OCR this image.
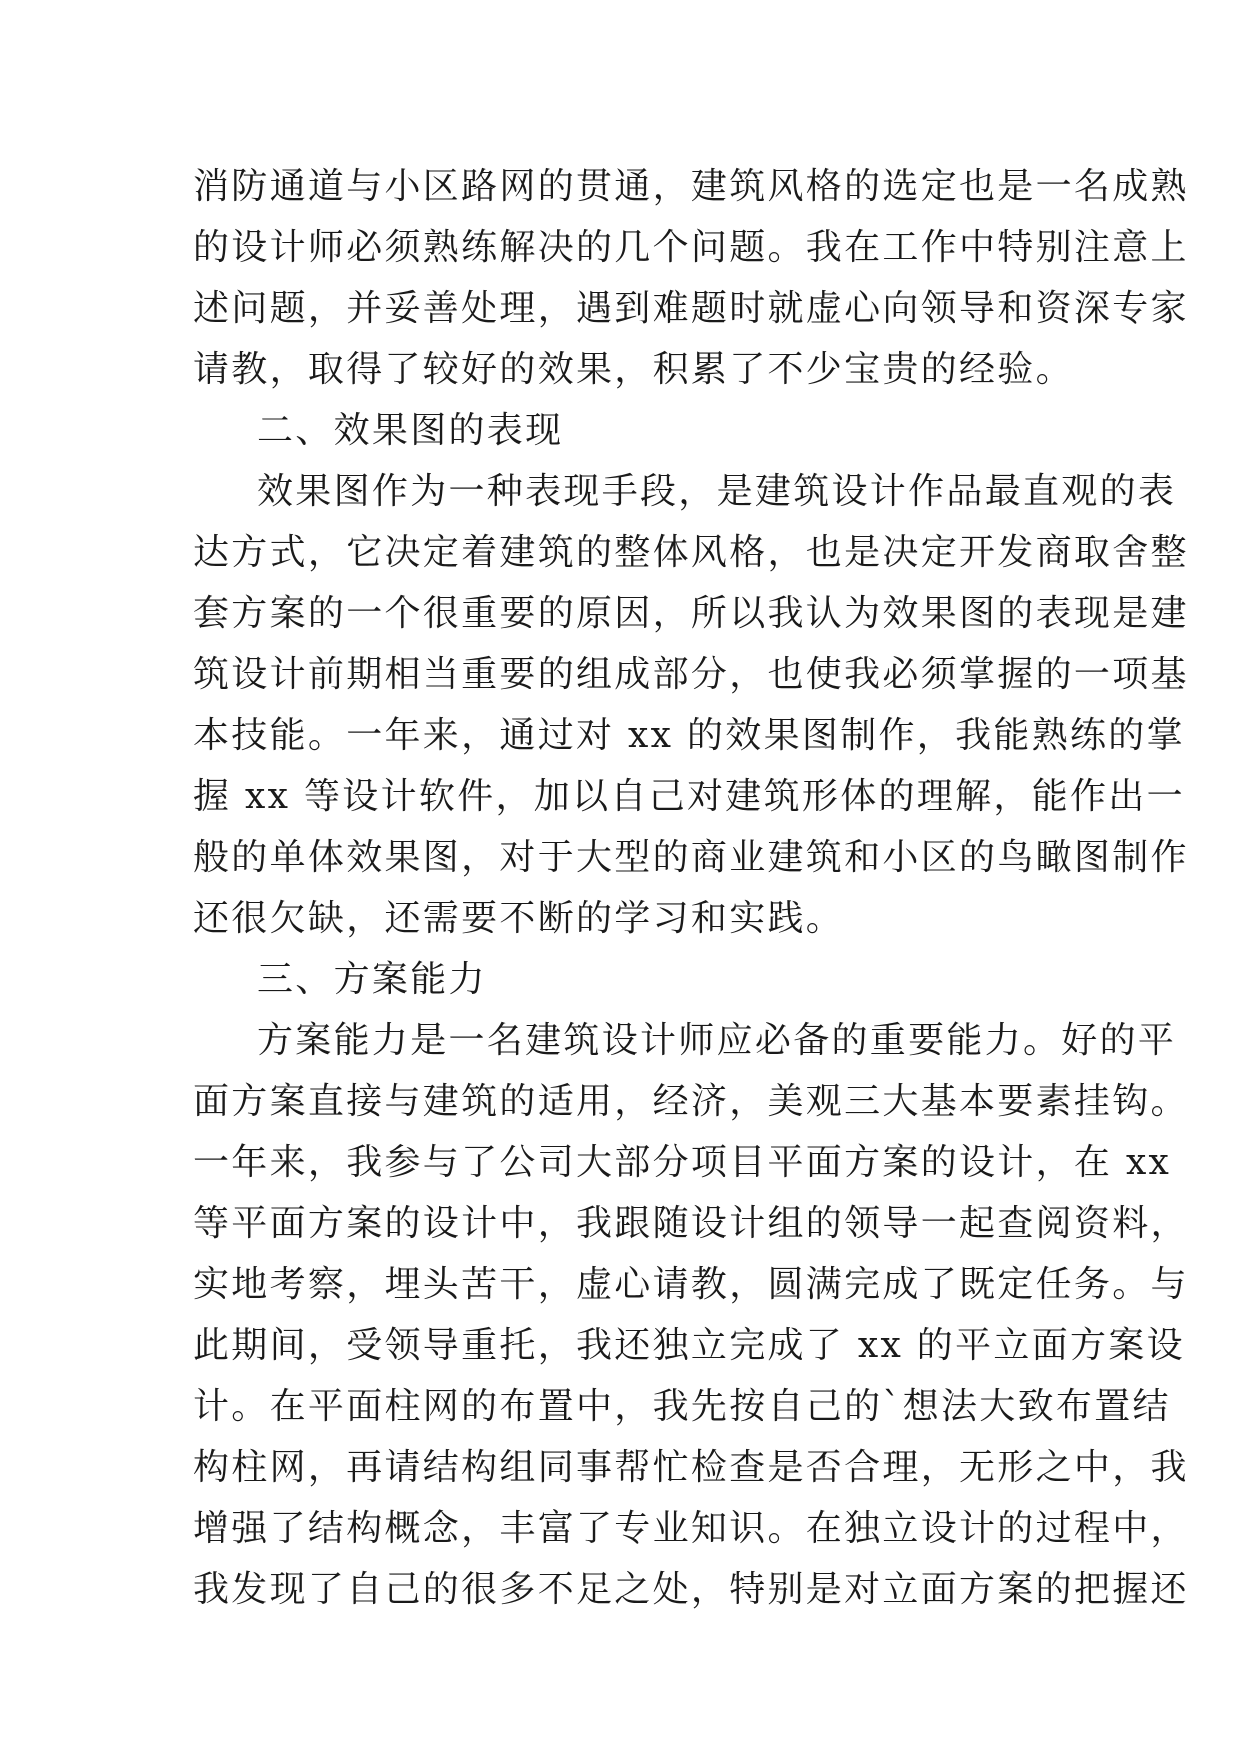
消防通道与小区路网的贯通，建筑风格的选定也是一名成熟
的设计师必须熟练解决的几个问题。我在工作中特别注意上
述问题，并妥善处理，遇到难题时就虚心向领导和资深专家
请教，取得了较好的效果，积累了不少宝贵的经验。
二、效果图的表现
效果图作为一种表现手段，是建筑设计作品最直观的表
达方式，它决定着建筑的整体风格，也是决定开发商取舍整
套方案的一个很重要的原因，所以我认为效果图的表现是建
筑设计前期相当重要的组成部分，也使我必须掌握的一项基
本技能。一年来，通过对 xx 的效果图制作，我能熟练的掌
握 xx 等设计软件，加以自己对建筑形体的理解，能作出一
般的单体效果图，对于大型的商业建筑和小区的鸟瞰图制作
还很欠缺，还需要不断的学习和实践。
三、方案能力
方案能力是一名建筑设计师应必备的重要能力。好的平
面方案直接与建筑的适用，经济，美观三大基本要素挂钩。
一年来，我参与了公司大部分项目平面方案的设计，在 xx
等平面方案的设计中，我跟随设计组的领导一起查阅资料，
实地考察，埋头苦干，虚心请教，圆满完成了既定任务。与
此期间，受领导重托，我还独立完成了 xx 的平立面方案设
计。在平面柱网的布置中，我先按自己的`想法大致布置结
构柱网，再请结构组同事帮忙检查是否合理，无形之中，我
增强了结构概念，丰富了专业知识。在独立设计的过程中，
我发现了自己的很多不足之处，特别是对立面方案的把握还
